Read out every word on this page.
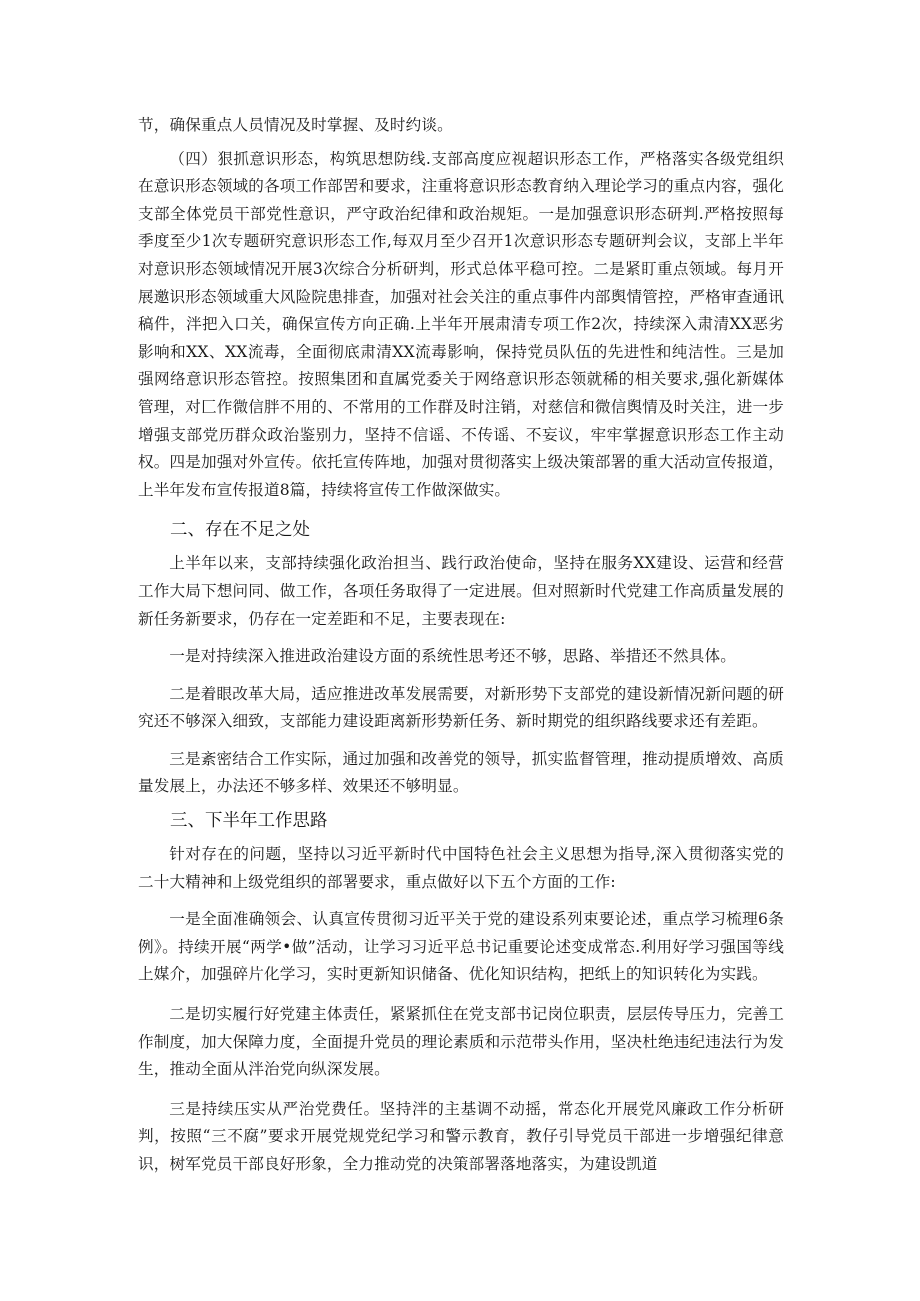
节，确保重点人员情况及时掌握、及时约谈。

（四）狠抓意识形态，构筑思想防线.支部高度应视超识形态工作，严格落实各级党组织在意识形态领域的各项工作部罟和要求，注重将意识形态教育纳入理论学习的重点内容，强化支部全体党员干部党性意识，严守政治纪律和政治规矩。一是加强意识形态研判.严格按照每季度至少1次专题研究意识形态工作,每双月至少召开1次意识形态专题研判会议，支部上半年对意识形态领域情况开展3次综合分析研判，形式总体平稳可控。二是紧盯重点领域。每月开展邀识形态领域重大风险院患排查，加强对社会关注的重点事件内部舆情管控，严格审查通讯稿件，泮把入口关，确保宣传方向正确.上半年开展肃清专项工作2次，持续深入肃清XX恶劣影响和XX、XX流毒，全面彻底肃清XX流毒影响，保持党员队伍的先进性和纯洁性。三是加强网络意识形态管控。按照集团和直属党委关于网络意识形态领就稀的相关要求,强化新媒体管理，对匚作微信胖不用的、不常用的工作群及时注销，对慈信和微信舆情及时关注，进一步增强支部党历群众政治鉴别力，坚持不信谣、不传谣、不妄议，牢牢掌握意识形态工作主动权。四是加强对外宣传。依托宣传阵地，加强对贯彻落实上级决策部署的重大活动宣传报道，上半年发布宣传报道8篇，持续将宣传工作做深做实。

二、存在不足之处

上半年以来，支部持续强化政治担当、践行政治使命，坚持在服务XX建设、运营和经营工作大局下想问同、做工作，各项任务取得了一定进展。但对照新时代党建工作高质量发展的新任务新要求，仍存在一定差距和不足，主要表现在:

一是对持续深入推进政治建设方面的系统性思考还不够，思路、举措还不然具体。

二是着眼改革大局，适应推进改革发展需要，对新形势下支部党的建设新情况新问题的研究还不够深入细致，支部能力建设距离新形势新任务、新时期党的组织路线要求还有差距。

三是紊密结合工作实际，通过加强和改善党的领导，抓实监督管理，推动提质增效、高质量发展上，办法还不够多样、效果还不够明显。

三、下半年工作思路

针对存在的问题，坚持以习近平新时代中国特色社会主义思想为指导,深入贯彻落实党的二十大精神和上级党组织的部署要求，重点做好以下五个方面的工作:

一是全面准确领会、认真宣传贯彻习近平关于党的建设系列束要论述，重点学习梳理6条例》。持续开展“两学•做”活动，让学习习近平总书记重要论述变成常态.利用好学习强国等线上媒介，加强碎片化学习，实时更新知识储备、优化知识结构，把纸上的知识转化为实践。

二是切实履行好党建主体责任，紧紧抓住在党支部书记岗位职责，层层传导压力，完善工作制度，加大保障力度，全面提升党员的理论素质和示范带头作用，坚决杜绝违纪违法行为发生，推动全面从泮治党向纵深发展。

三是持续压实从严治党费任。坚持泮的主基调不动摇，常态化开展党风廉政工作分析研判，按照“三不腐”要求开展党规党纪学习和警示教育，教仔引导党员干部进一步增强纪律意识，树军党员干部良好形象，全力推动党的决策部署落地落实，为建设凯道
